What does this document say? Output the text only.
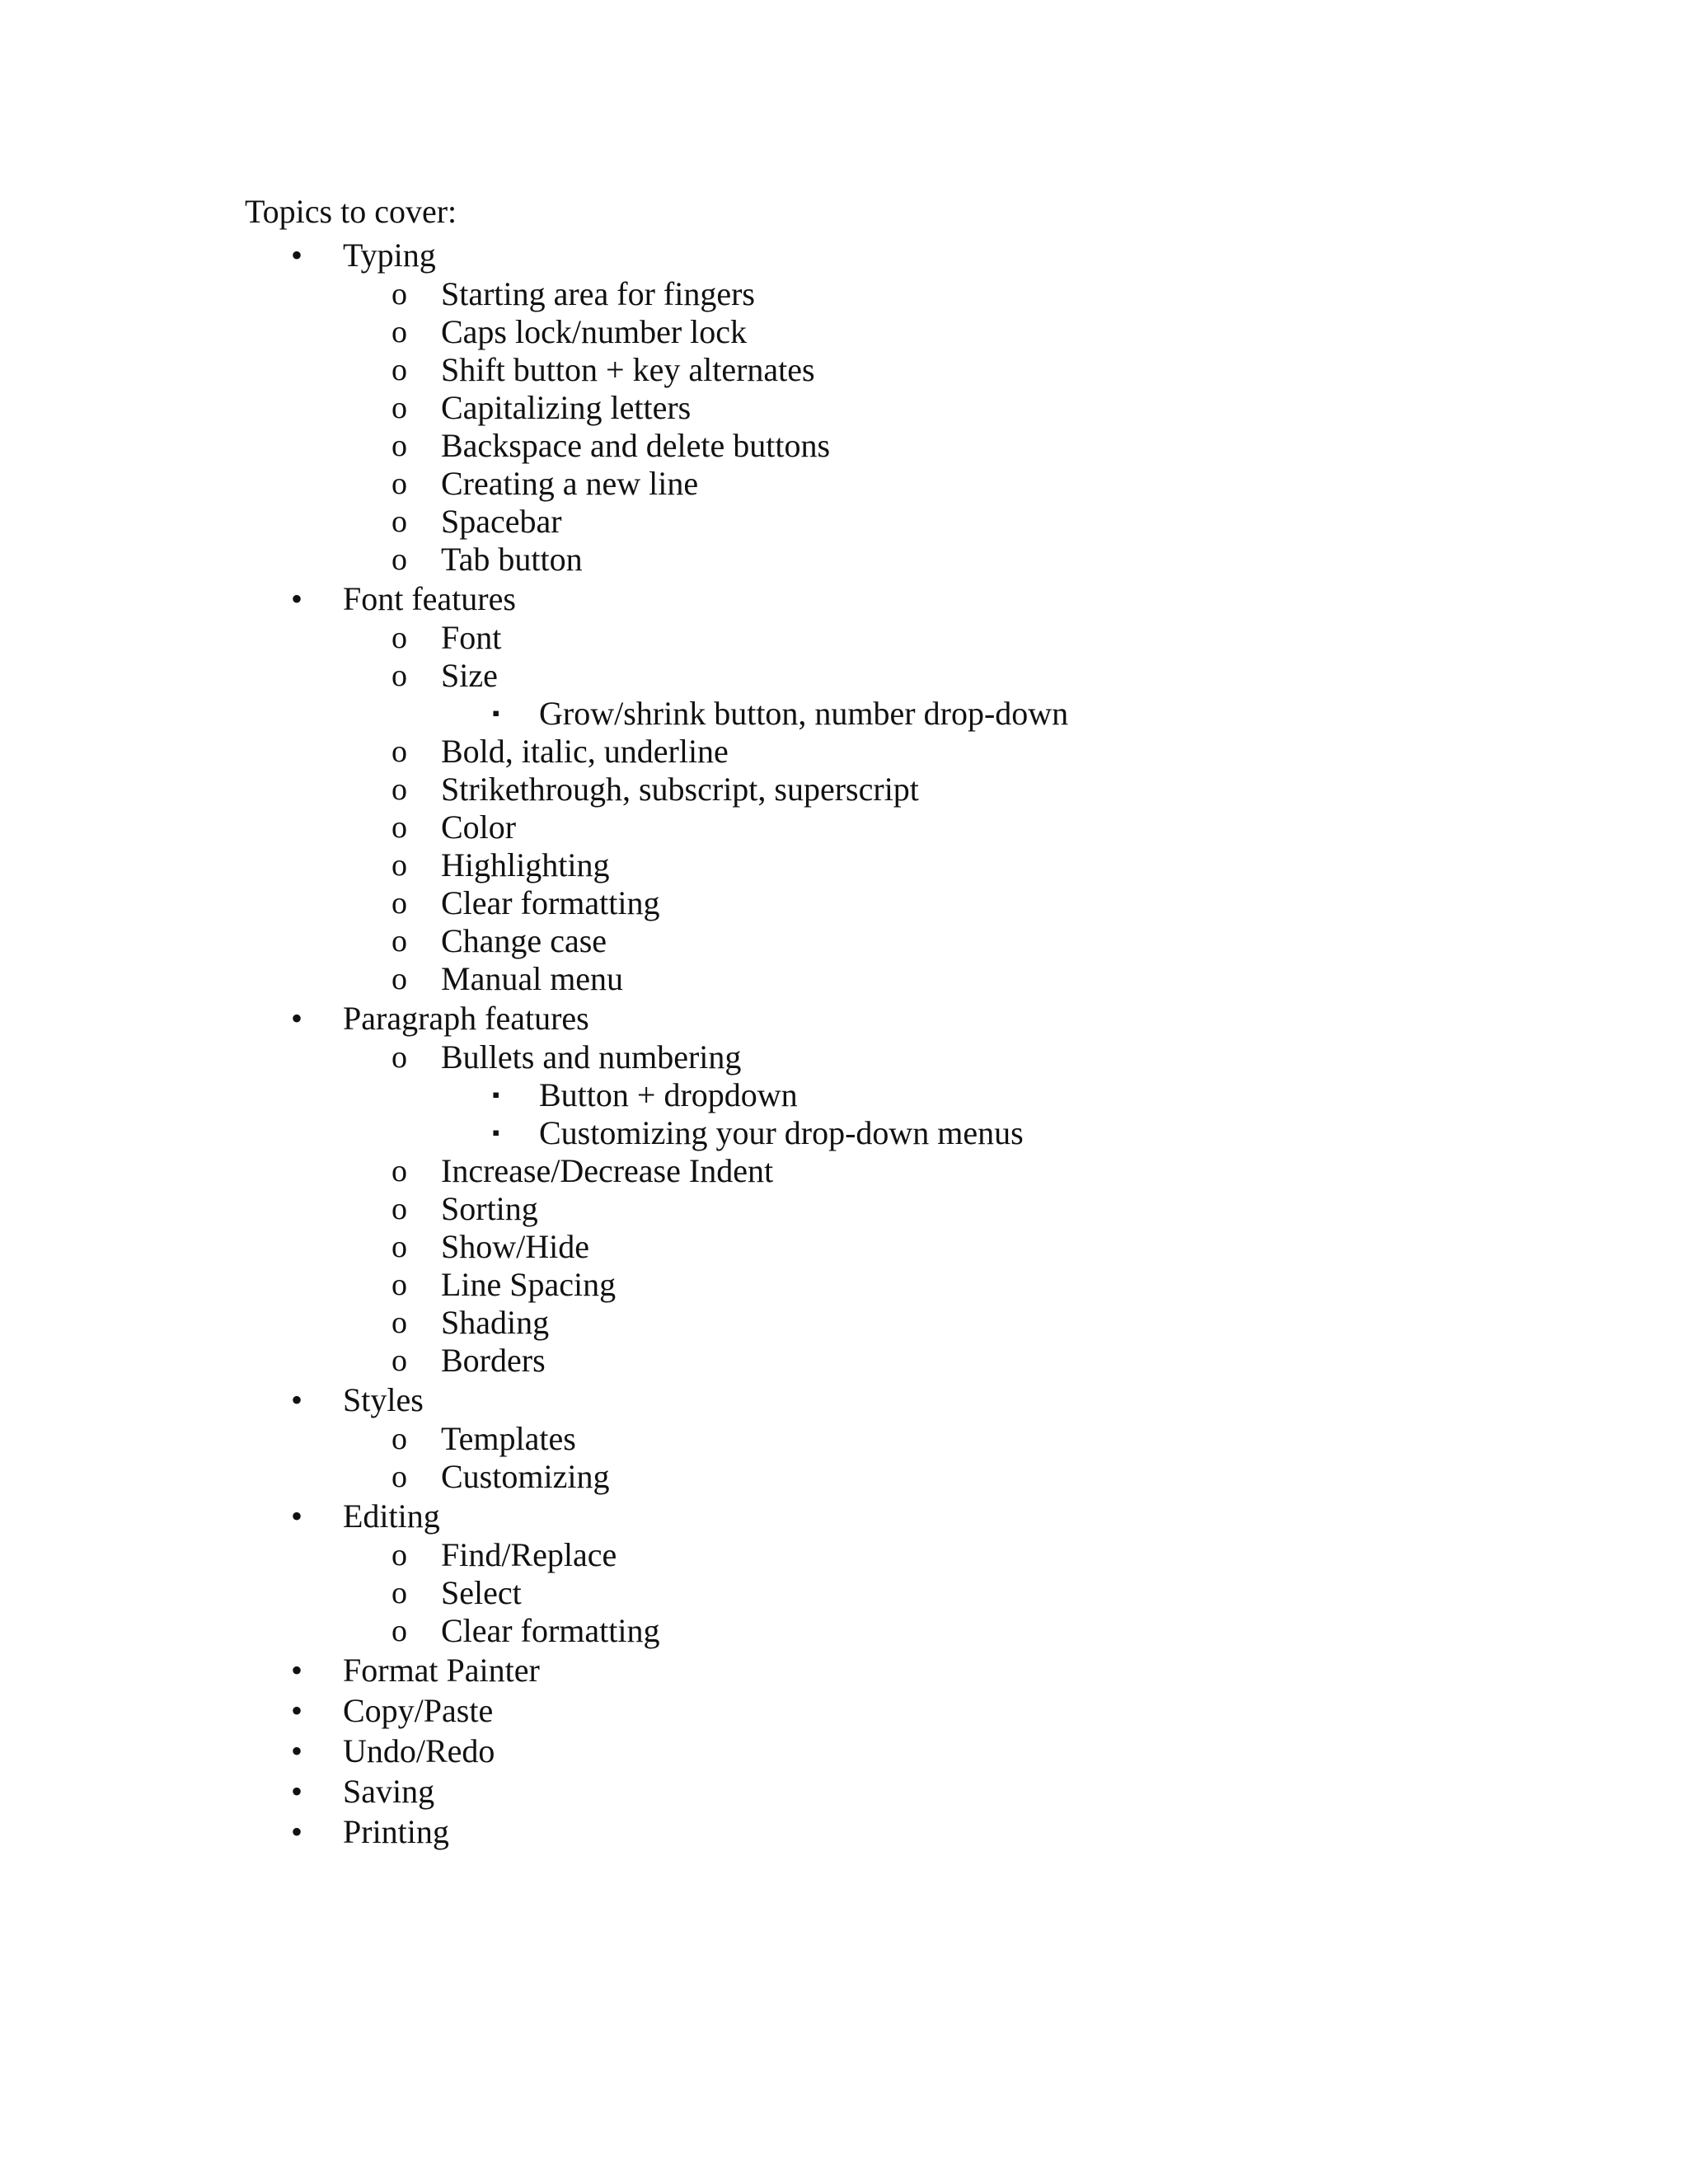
Topics to cover:
• Typing
o Starting area for fingers
o Caps lock/number lock
o Shift button + key alternates
o Capitalizing letters
o Backspace and delete buttons
o Creating a new line
o Spacebar
o Tab button
• Font features
o Font
o Size
▪ Grow/shrink button, number drop-down
o Bold, italic, underline
o Strikethrough, subscript, superscript
o Color
o Highlighting
o Clear formatting
o Change case
o Manual menu
• Paragraph features
o Bullets and numbering
▪ Button + dropdown
▪ Customizing your drop-down menus
o Increase/Decrease Indent
o Sorting
o Show/Hide
o Line Spacing
o Shading
o Borders
• Styles
o Templates
o Customizing
• Editing
o Find/Replace
o Select
o Clear formatting
• Format Painter
• Copy/Paste
• Undo/Redo
• Saving
• Printing
